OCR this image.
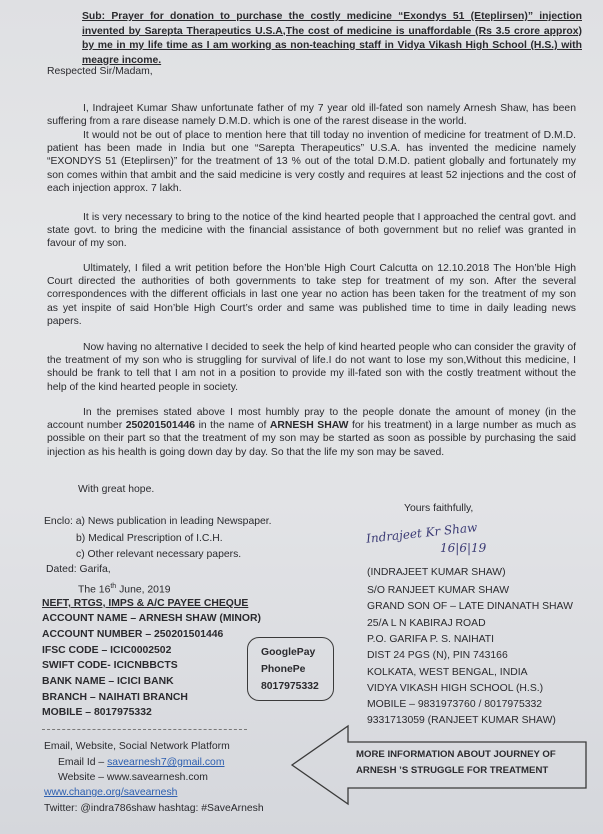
Sub: Prayer for donation to purchase the costly medicine “Exondys 51 (Eteplirsen)” injection invented by Sarepta Therapeutics U.S.A,The cost of medicine is unaffordable (Rs 3.5 crore approx) by me in my life time as I am working as non-teaching staff in Vidya Vikash High School (H.S.) with meagre income.
Respected Sir/Madam,
I, Indrajeet Kumar Shaw unfortunate father of my 7 year old ill-fated son namely Arnesh Shaw, has been suffering from a rare disease namely D.M.D. which is one of the rarest disease in the world.
It would not be out of place to mention here that till today no invention of medicine for treatment of D.M.D. patient has been made in India but one “Sarepta Therapeutics” U.S.A. has invented the medicine namely “EXONDYS 51 (Eteplirsen)” for the treatment of 13 % out of the total D.M.D. patient globally and fortunately my son comes within that ambit and the said medicine is very costly and requires at least 52 injections and the cost of each injection approx. 7 lakh.
It is very necessary to bring to the notice of the kind hearted people that I approached the central govt. and state govt. to bring the medicine with the financial assistance of both government but no relief was granted in favour of my son.
Ultimately, I filed a writ petition before the Hon’ble High Court Calcutta on 12.10.2018 The Hon’ble High Court directed the authorities of both governments to take step for treatment of my son. After the several correspondences with the different officials in last one year no action has been taken for the treatment of my son as yet inspite of said Hon’ble High Court’s order and same was published time to time in daily leading news papers.
Now having no alternative I decided to seek the help of kind hearted people who can consider the gravity of the treatment of my son who is struggling for survival of life.I do not want to lose my son,Without this medicine, I should be frank to tell that I am not in a position to provide my ill-fated son with the costly treatment without the help of the kind hearted people in society.
In the premises stated above I most humbly pray to the people donate the amount of money (in the account number 250201501446 in the name of ARNESH SHAW for his treatment) in a large number as much as possible on their part so that the treatment of my son may be started as soon as possible by purchasing the said injection as his health is going down day by day. So that the life my son may be saved.
With great hope.
Yours faithfully,
Indrajeet Kr Shaw
16|6|19
Enclo: a) News publication in leading Newspaper.
b) Medical Prescription of I.C.H.
c) Other relevant necessary papers.
Dated: Garifa,
The 16th June, 2019
NEFT, RTGS, IMPS & A/C PAYEE CHEQUE
ACCOUNT NAME – ARNESH SHAW (MINOR)
ACCOUNT NUMBER – 250201501446
IFSC CODE – ICIC0002502
SWIFT CODE- ICICNBBCTS
BANK NAME – ICICI BANK
BRANCH – NAIHATI BRANCH
MOBILE – 8017975332
GooglePay
PhonePe
8017975332
(INDRAJEET KUMAR SHAW)
S/O RANJEET KUMAR SHAW
GRAND SON OF – LATE DINANATH SHAW
25/A L N KABIRAJ ROAD
P.O. GARIFA P. S. NAIHATI
DIST 24 PGS (N), PIN 743166
KOLKATA, WEST BENGAL, INDIA
VIDYA VIKASH HIGH SCHOOL (H.S.)
MOBILE – 9831973760 / 8017975332
9331713059 (RANJEET KUMAR SHAW)
Email, Website, Social Network Platform
Email Id – savearnesh7@gmail.com
Website – www.savearnesh.com
www.change.org/savearnesh
Twitter: @indra786shaw hashtag: #SaveArnesh
MORE INFORMATION ABOUT JOURNEY OF
ARNESH ’S STRUGGLE FOR TREATMENT
